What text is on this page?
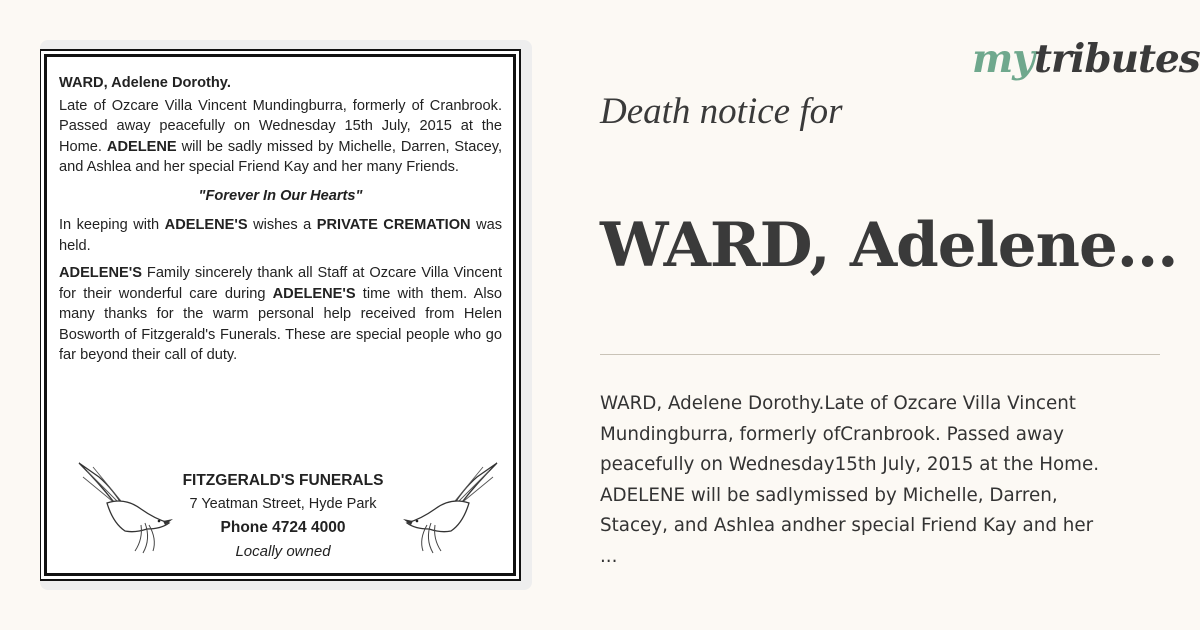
WARD, Adelene Dorothy.

Late of Ozcare Villa Vincent Mundingburra, formerly of Cranbrook. Passed away peacefully on Wednesday 15th July, 2015 at the Home. ADELENE will be sadly missed by Michelle, Darren, Stacey, and Ashlea and her special Friend Kay and her many Friends.

"Forever In Our Hearts"

In keeping with ADELENE'S wishes a PRIVATE CREMATION was held.

ADELENE'S Family sincerely thank all Staff at Ozcare Villa Vincent for their wonderful care during ADELENE'S time with them. Also many thanks for the warm personal help received from Helen Bosworth of Fitzgerald's Funerals. These are special people who go far beyond their call of duty.

FITZGERALD'S FUNERALS
7 Yeatman Street, Hyde Park
Phone 4724 4000
Locally owned
mytributes
Death notice for
WARD, Adelene...
WARD, Adelene Dorothy.Late of Ozcare Villa Vincent
Mundingburra, formerly ofCranbrook. Passed away
peacefully on Wednesday15th July, 2015 at the Home.
ADELENE will be sadlymissed by Michelle, Darren,
Stacey, and Ashlea andher special Friend Kay and her
...
